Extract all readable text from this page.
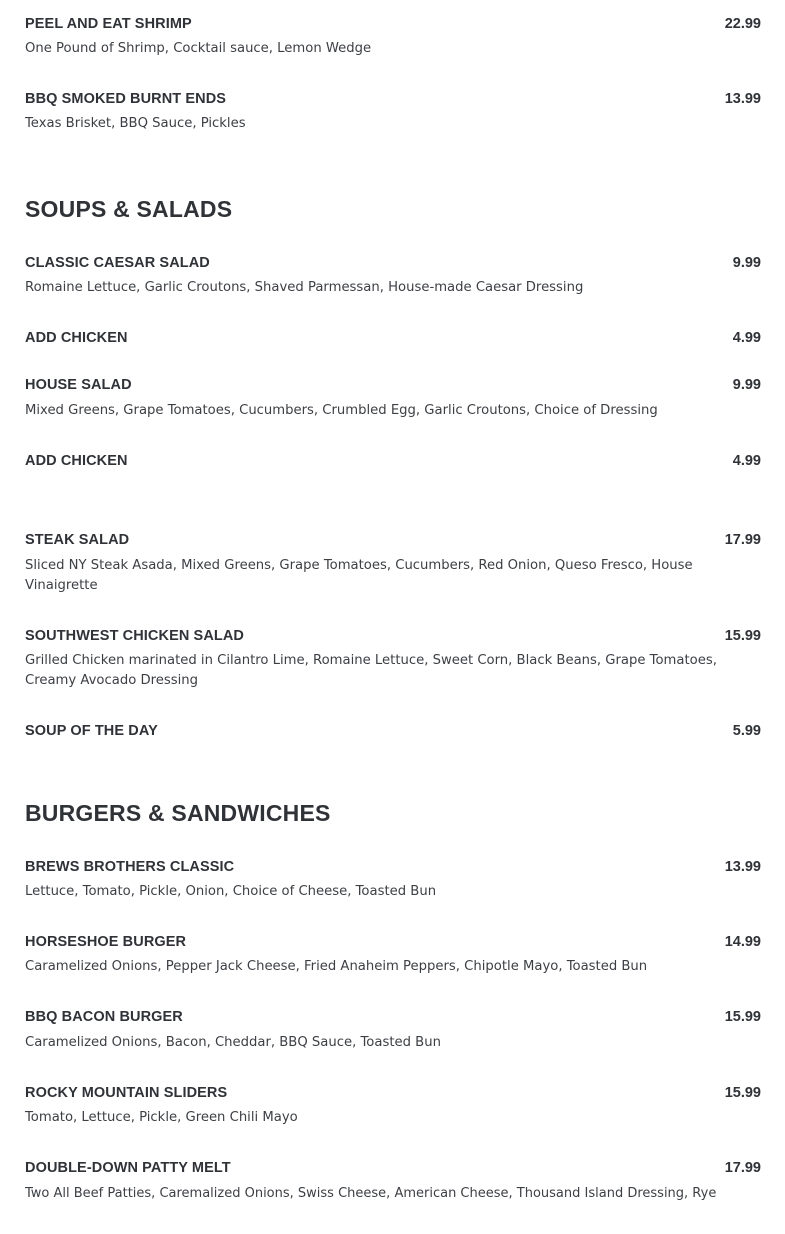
PEEL AND EAT SHRIMP	22.99
One Pound of Shrimp, Cocktail sauce, Lemon Wedge
BBQ SMOKED BURNT ENDS	13.99
Texas Brisket, BBQ Sauce, Pickles
SOUPS & SALADS
CLASSIC CAESAR SALAD	9.99
Romaine Lettuce, Garlic Croutons, Shaved Parmessan, House-made Caesar Dressing
ADD CHICKEN	4.99
HOUSE SALAD	9.99
Mixed Greens, Grape Tomatoes, Cucumbers, Crumbled Egg, Garlic Croutons, Choice of Dressing
ADD CHICKEN	4.99
STEAK SALAD	17.99
Sliced NY Steak Asada, Mixed Greens, Grape Tomatoes, Cucumbers, Red Onion, Queso Fresco, House Vinaigrette
SOUTHWEST CHICKEN SALAD	15.99
Grilled Chicken marinated in Cilantro Lime, Romaine Lettuce, Sweet Corn, Black Beans, Grape Tomatoes, Creamy Avocado Dressing
SOUP OF THE DAY	5.99
BURGERS & SANDWICHES
BREWS BROTHERS CLASSIC	13.99
Lettuce, Tomato, Pickle, Onion, Choice of Cheese, Toasted Bun
HORSESHOE BURGER	14.99
Caramelized Onions, Pepper Jack Cheese, Fried Anaheim Peppers, Chipotle Mayo, Toasted Bun
BBQ BACON BURGER	15.99
Caramelized Onions, Bacon, Cheddar, BBQ Sauce, Toasted Bun
ROCKY MOUNTAIN SLIDERS	15.99
Tomato, Lettuce, Pickle, Green Chili Mayo
DOUBLE-DOWN PATTY MELT	17.99
Two All Beef Patties, Caremalized Onions, Swiss Cheese, American Cheese, Thousand Island Dressing, Rye
